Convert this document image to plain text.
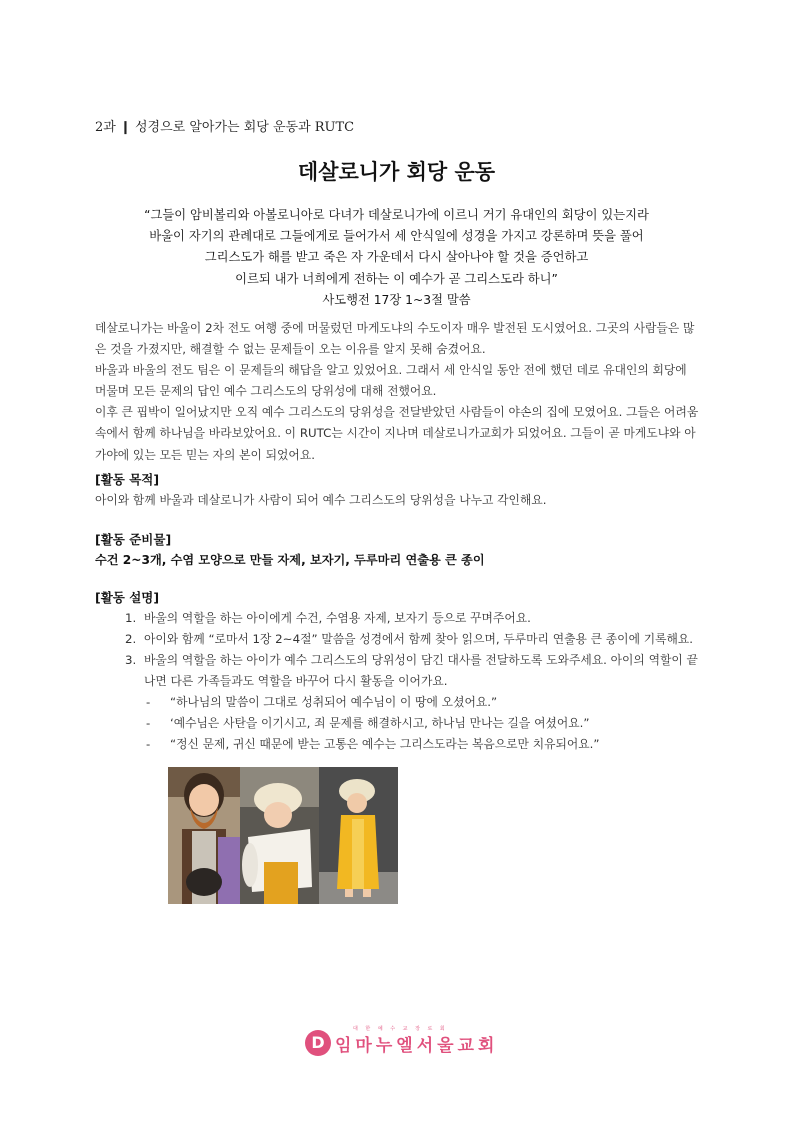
2과 ❙ 성경으로 알아가는 회당 운동과 RUTC
데살로니가 회당 운동
“그들이 암비볼리와 아볼로니아로 다녀가 데살로니가에 이르니 거기 유대인의 회당이 있는지라
바울이 자기의 관례대로 그들에게로 들어가서 세 안식일에 성경을 가지고 강론하며 뜻을 풀어
그리스도가 해를 받고 죽은 자 가운데서 다시 살아나야 할 것을 증언하고
이르되 내가 너희에게 전하는 이 예수가 곧 그리스도라 하니”
사도행전 17장 1~3절 말씀

데살로니가는 바울이 2차 전도 여행 중에 머물렀던 마게도냐의 수도이자 매우 발전된 도시였어요. 그곳의 사람들은 많은 것을 가졌지만, 해결할 수 없는 문제들이 오는 이유를 알지 못해 숨겼어요.

바울과 바울의 전도 팀은 이 문제들의 해답을 알고 있었어요. 그래서 세 안식일 동안 전에 했던 데로 유대인의 회당에 머물며 모든 문제의 답인 예수 그리스도의 당위성에 대해 전했어요.

이후 큰 핍박이 일어났지만 오직 예수 그리스도의 당위성을 전달받았던 사람들이 야손의 집에 모였어요. 그들은 어려움 속에서 함께 하나님을 바라보았어요. 이 RUTC는 시간이 지나며 데살로니가교회가 되었어요. 그들이 곧 마게도냐와 아가야에 있는 모든 믿는 자의 본이 되었어요.

[활동 목적]
아이와 함께 바울과 데살로니가 사람이 되어 예수 그리스도의 당위성을 나누고 각인해요.
[활동 준비물]
수건 2~3개, 수염 모양으로 만들 자제, 보자기, 두루마리 연출용 큰 종이
[활동 설명]
1. 바울의 역할을 하는 아이에게 수건, 수염용 자제, 보자기 등으로 꾸며주어요.
2. 아이와 함께 “로마서 1장 2~4절” 말씀을 성경에서 함께 찾아 읽으며, 두루마리 연출용 큰 종이에 기록해요.
3. 바울의 역할을 하는 아이가 예수 그리스도의 당위성이 담긴 대사를 전달하도록 도와주세요. 아이의 역할이 끝나면 다른 가족들과도 역할을 바꾸어 다시 활동을 이어가요.
- “하나님의 말씀이 그대로 성취되어 예수님이 이 땅에 오셨어요.”
- ‘예수님은 사탄을 이기시고, 죄 문제를 해결하시고, 하나님 만나는 길을 여셨어요.”
- “정신 문제, 귀신 때문에 받는 고통은 예수는 그리스도라는 복음으로만 치유되어요.”
D
대 한 예 수 교 장 로 회
임마누엘서울교회
